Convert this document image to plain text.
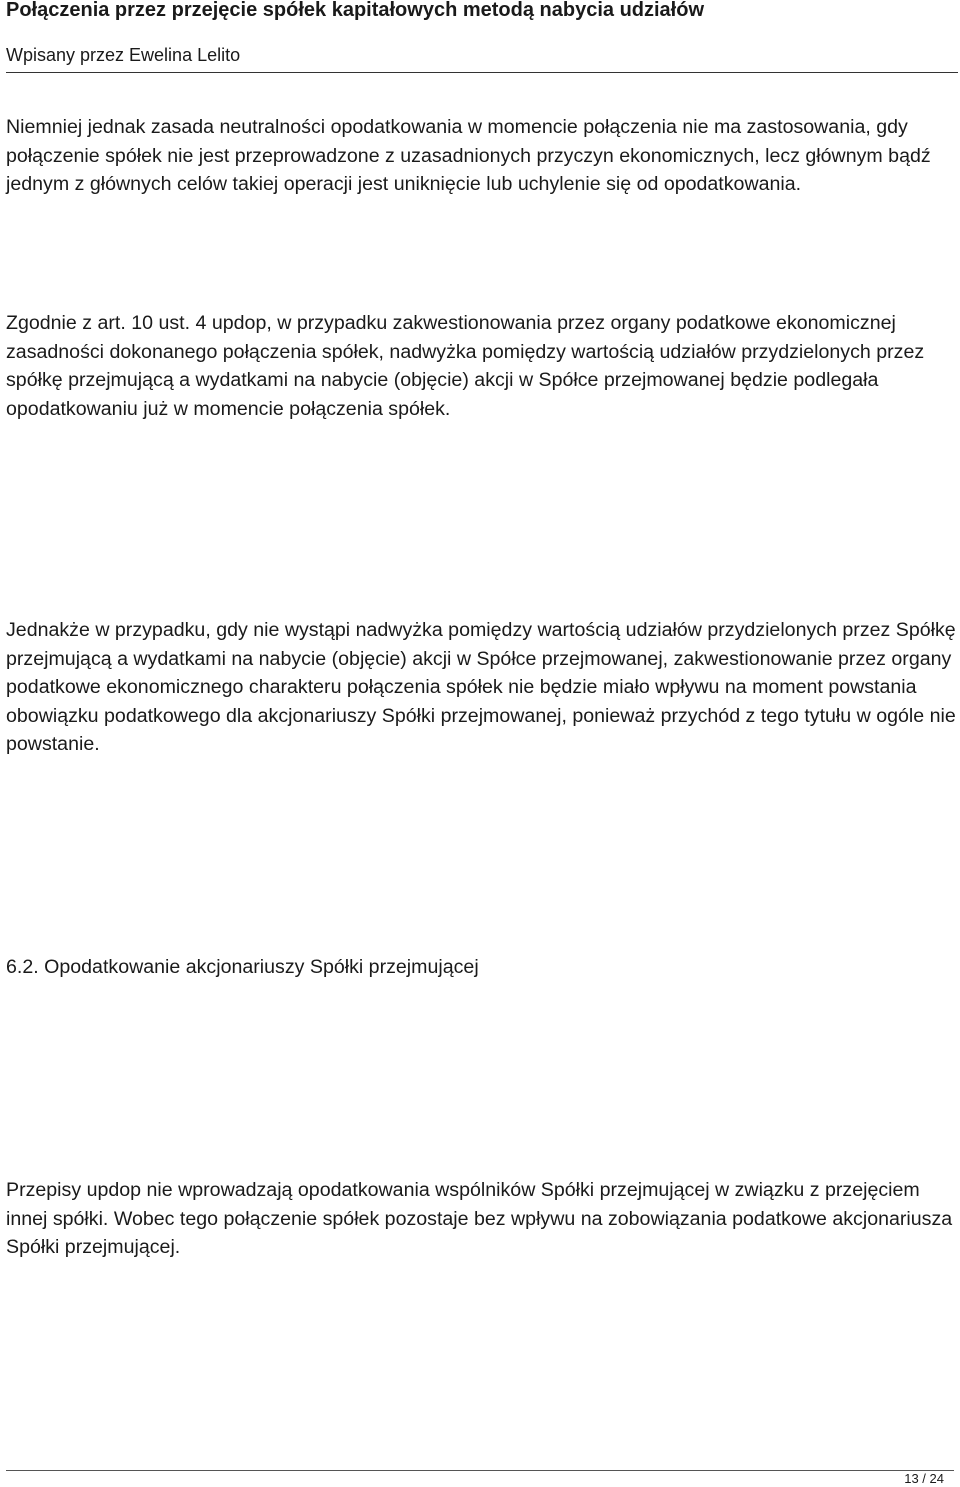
Połączenia przez przejęcie spółek kapitałowych metodą nabycia udziałów
Wpisany przez Ewelina Lelito

Niemniej jednak zasada neutralności opodatkowania w momencie połączenia nie ma zastosowania, gdy połączenie spółek nie jest przeprowadzone z uzasadnionych przyczyn ekonomicznych, lecz głównym bądź jednym z głównych celów takiej operacji jest uniknięcie lub uchylenie się od opodatkowania.

Zgodnie z art. 10 ust. 4 updop, w przypadku zakwestionowania przez organy podatkowe ekonomicznej zasadności dokonanego połączenia spółek, nadwyżka pomiędzy wartością udziałów przydzielonych przez spółkę przejmującą a wydatkami na nabycie (objęcie) akcji w Spółce przejmowanej będzie podlegała opodatkowaniu już w momencie połączenia spółek.

Jednakże w przypadku, gdy nie wystąpi nadwyżka pomiędzy wartością udziałów przydzielonych przez Spółkę przejmującą a wydatkami na nabycie (objęcie) akcji w Spółce przejmowanej, zakwestionowanie przez organy podatkowe ekonomicznego charakteru połączenia spółek nie będzie miało wpływu na moment powstania obowiązku podatkowego dla akcjonariuszy Spółki przejmowanej, ponieważ przychód z tego tytułu w ogóle nie powstanie.

6.2. Opodatkowanie akcjonariuszy Spółki przejmującej

Przepisy updop nie wprowadzają opodatkowania wspólników Spółki przejmującej w związku z przejęciem innej spółki. Wobec tego połączenie spółek pozostaje bez wpływu na zobowiązania podatkowe akcjonariusza Spółki przejmującej.

13 / 24
